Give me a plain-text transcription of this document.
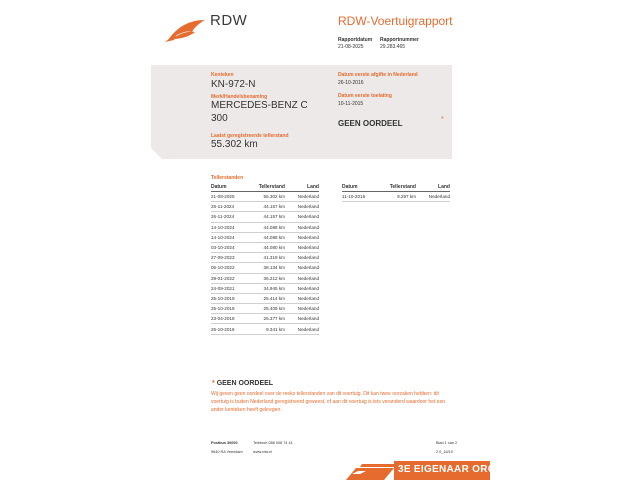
RDW	RDW-Voertuigrapport
Rapportdatum
21-08-2025
Rapportnummer
29.283.465
Kenteken
KN-972-N
Merk/Handelsbenaming
MERCEDES-BENZ C
300
Laatst geregistreerde tellerstand
55.302 km
Datum eerste afgifte in Nederland
26-10-2016
Datum eerste toelating
10-11-2015
GEEN OORDEEL	*
Tellerstanden
Datum	Tellerstand	Land
21-08-2025	55.302 km	Nederland
26-11-2024	44.157 km	Nederland
26-11-2024	44.157 km	Nederland
14-10-2024	44.088 km	Nederland
14-10-2024	44.088 km	Nederland
03-10-2024	44.080 km	Nederland
27-09-2023	41.319 km	Nederland
05-10-2022	38.134 km	Nederland
29-01-2022	36.212 km	Nederland
24-09-2021	34.945 km	Nederland
25-10-2019	25.414 km	Nederland
25-10-2019	25.409 km	Nederland
23-04-2018	25.377 km	Nederland
26-10-2016	9.341 km	Nederland
Datum	Tellerstand	Land
11-10-2016	9.297 km	Nederland
* GEEN OORDEEL
Wij geven geen oordeel over de reeks tellerstanden van dit voertuig. Dit kan twee oorzaken hebben: dit voertuig is buiten Nederland geregistreerd geweest, of aan dit voertuig is iets veranderd waardoor het een ander kenteken heeft gekregen.
Postbus 30000
9640 RA Veendam
Telefoon 088 008 74 41
www.rdw.nl
Blad 1 van 2
2.0_16/10
3E EIGENAAR ORG. NL
